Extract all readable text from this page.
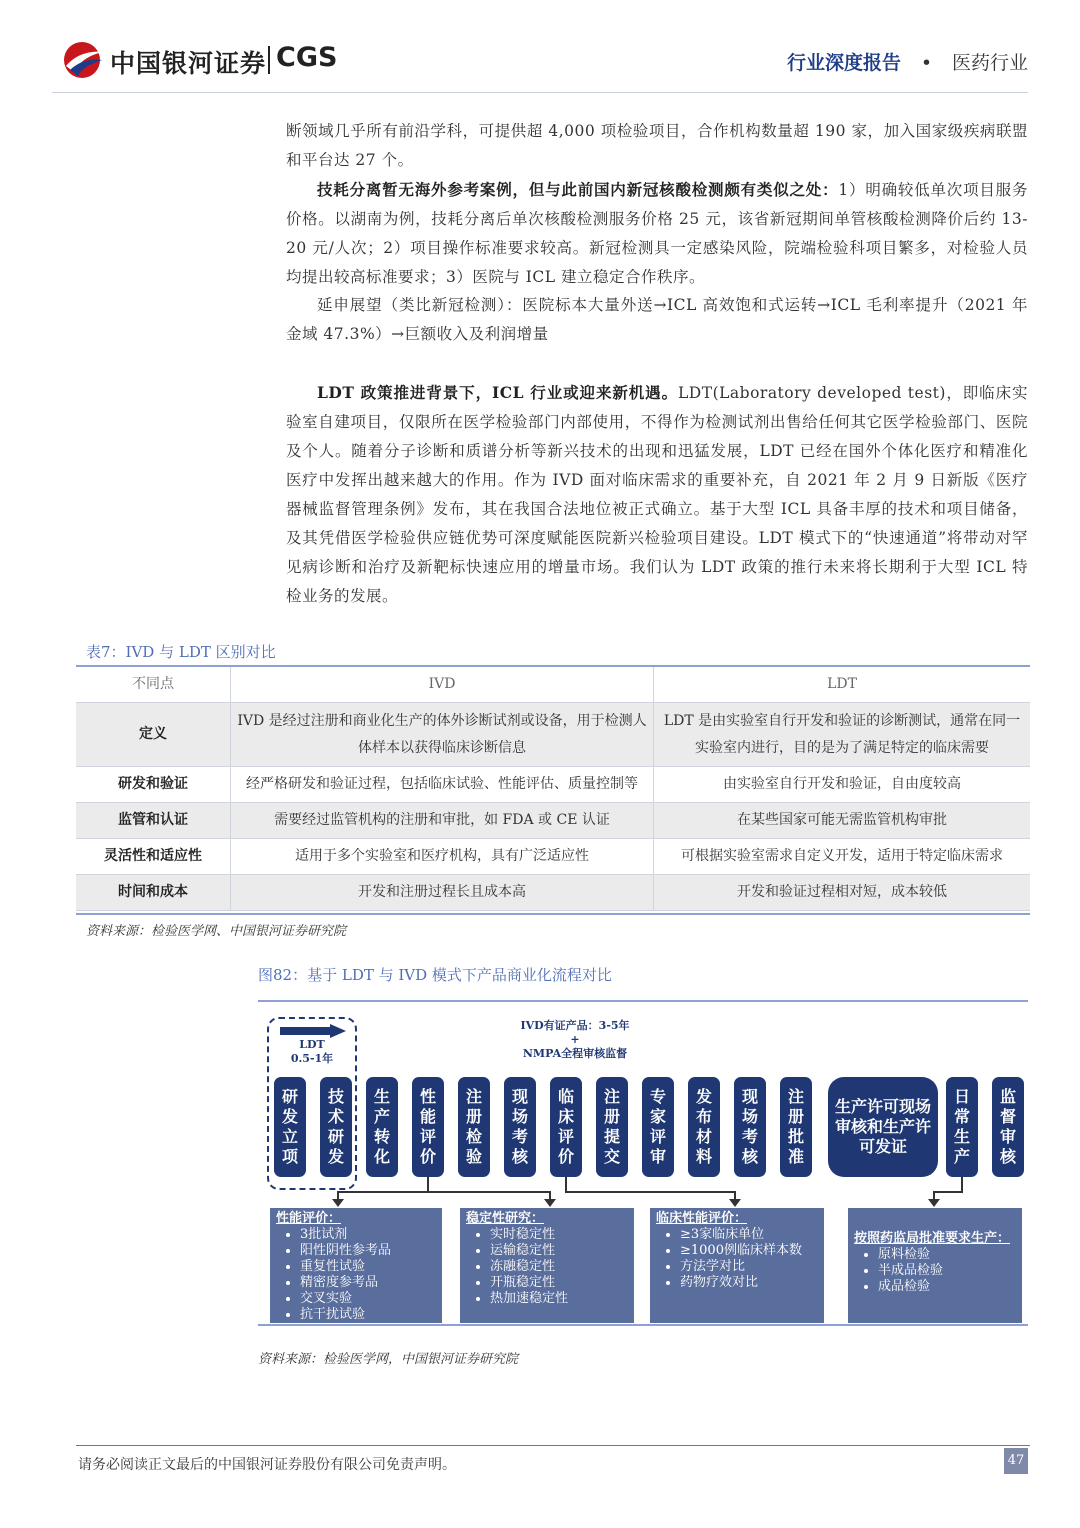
中国银河证券 CGS	行业深度报告 • 医药行业
断领域几乎所有前沿学科，可提供超 4,000 项检验项目，合作机构数量超 190 家，加入国家级疾病联盟和平台达 27 个。
技耗分离暂无海外参考案例，但与此前国内新冠核酸检测颇有类似之处：1）明确较低单次项目服务价格。以湖南为例，技耗分离后单次核酸检测服务价格 25 元，该省新冠期间单管核酸检测降价后约 13-20 元/人次；2）项目操作标准要求较高。新冠检测具一定感染风险，院端检验科项目繁多，对检验人员均提出较高标准要求；3）医院与 ICL 建立稳定合作秩序。
延申展望（类比新冠检测）：医院标本大量外送→ICL 高效饱和式运转→ICL 毛利率提升（2021 年金域 47.3%）→巨额收入及利润增量
LDT 政策推进背景下，ICL 行业或迎来新机遇。LDT(Laboratory developed test)，即临床实验室自建项目，仅限所在医学检验部门内部使用，不得作为检测试剂出售给任何其它医学检验部门、医院及个人。随着分子诊断和质谱分析等新兴技术的出现和迅猛发展，LDT 已经在国外个体化医疗和精准化医疗中发挥出越来越大的作用。作为 IVD 面对临床需求的重要补充，自 2021 年 2 月 9 日新版《医疗器械监督管理条例》发布，其在我国合法地位被正式确立。基于大型 ICL 具备丰厚的技术和项目储备，及其凭借医学检验供应链优势可深度赋能医院新兴检验项目建设。LDT 模式下的“快速通道”将带动对罕见病诊断和治疗及新靶标快速应用的增量市场。我们认为 LDT 政策的推行未来将长期利于大型 ICL 特检业务的发展。
表7：IVD 与 LDT 区别对比
不同点	IVD	LDT
定义	IVD 是经过注册和商业化生产的体外诊断试剂或设备，用于检测人体样本以获得临床诊断信息	LDT 是由实验室自行开发和验证的诊断测试，通常在同一实验室内进行，目的是为了满足特定的临床需要
研发和验证	经严格研发和验证过程，包括临床试验、性能评估、质量控制等	由实验室自行开发和验证，自由度较高
监管和认证	需要经过监管机构的注册和审批，如 FDA 或 CE 认证	在某些国家可能无需监管机构审批
灵活性和适应性	适用于多个实验室和医疗机构，具有广泛适应性	可根据实验室需求自定义开发，适用于特定临床需求
时间和成本	开发和注册过程长且成本高	开发和验证过程相对短，成本较低
资料来源：检验医学网、中国银河证券研究院
图82：基于 LDT 与 IVD 模式下产品商业化流程对比
LDT
0.5-1年
IVD有证产品：3-5年
+
NMPA全程审核监督
研发立项
技术研发
生产转化
性能评价
注册检验
现场考核
临床评价
注册提交
专家评审
发布材料
现场考核
注册批准
生产许可现场审核和生产许可发证
日常生产
监督审核
性能评价：
• 3批试剂
• 阳性阴性参考品
• 重复性试验
• 精密度参考品
• 交叉实验
• 抗干扰试验
稳定性研究：
• 实时稳定性
• 运输稳定性
• 冻融稳定性
• 开瓶稳定性
• 热加速稳定性
临床性能评价：
• ≥3家临床单位
• ≥1000例临床样本数
• 方法学对比
• 药物疗效对比
按照药监局批准要求生产：
• 原料检验
• 半成品检验
• 成品检验
资料来源：检验医学网，中国银河证券研究院
请务必阅读正文最后的中国银河证券股份有限公司免责声明。	47
